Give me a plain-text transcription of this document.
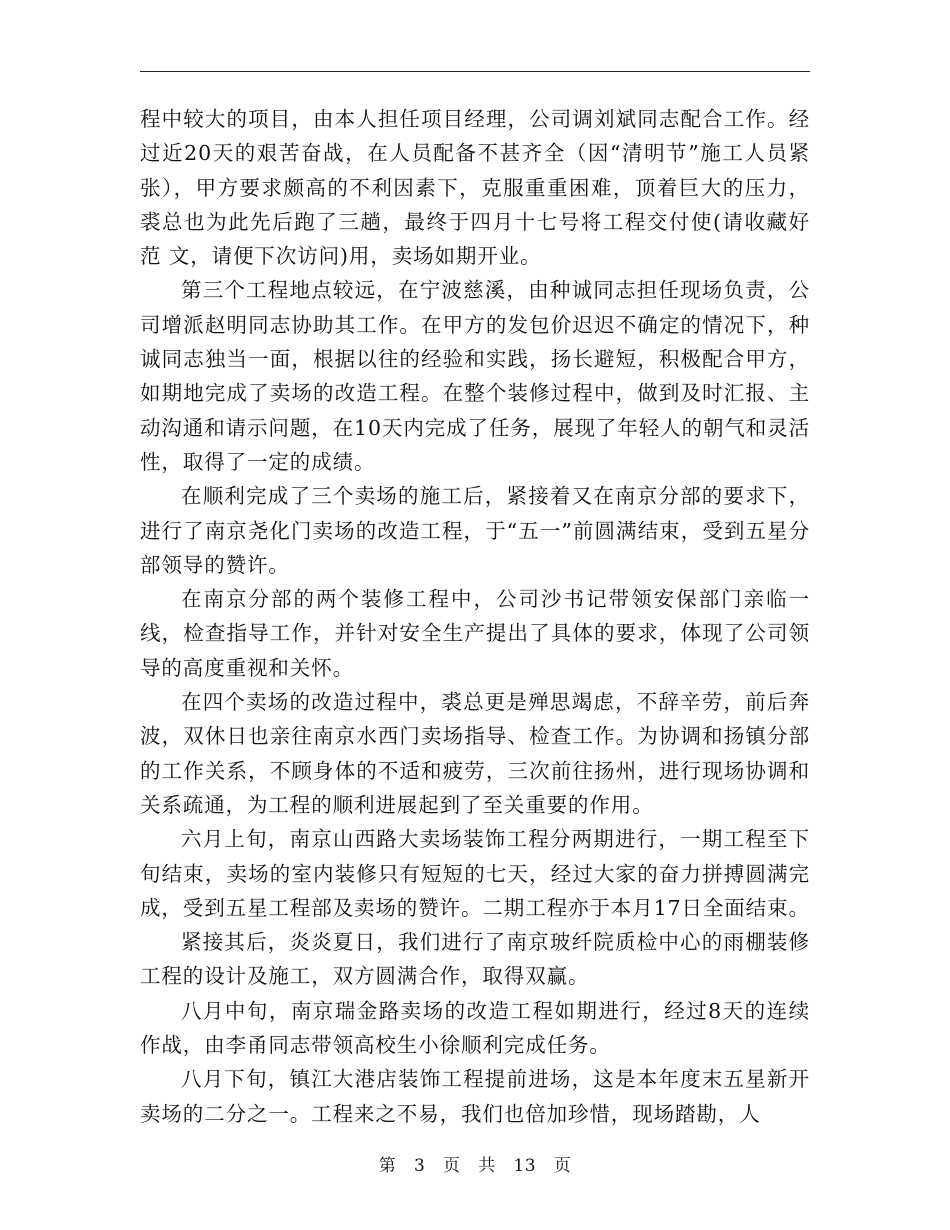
程中较大的项目，由本人担任项目经理，公司调刘斌同志配合工作。经过近20天的艰苦奋战，在人员配备不甚齐全（因“清明节”施工人员紧张），甲方要求颇高的不利因素下，克服重重困难，顶着巨大的压力，裘总也为此先后跑了三趟，最终于四月十七号将工程交付使(请收藏好 范 文，请便下次访问)用，卖场如期开业。

第三个工程地点较远，在宁波慈溪，由种诚同志担任现场负责，公司增派赵明同志协助其工作。在甲方的发包价迟迟不确定的情况下，种诚同志独当一面，根据以往的经验和实践，扬长避短，积极配合甲方，如期地完成了卖场的改造工程。在整个装修过程中，做到及时汇报、主动沟通和请示问题，在10天内完成了任务，展现了年轻人的朝气和灵活性，取得了一定的成绩。

在顺利完成了三个卖场的施工后，紧接着又在南京分部的要求下，进行了南京尧化门卖场的改造工程，于“五一”前圆满结束，受到五星分部领导的赞许。

在南京分部的两个装修工程中，公司沙书记带领安保部门亲临一线，检查指导工作，并针对安全生产提出了具体的要求，体现了公司领导的高度重视和关怀。

在四个卖场的改造过程中，裘总更是殚思竭虑，不辞辛劳，前后奔波，双休日也亲往南京水西门卖场指导、检查工作。为协调和扬镇分部的工作关系，不顾身体的不适和疲劳，三次前往扬州，进行现场协调和关系疏通，为工程的顺利进展起到了至关重要的作用。

六月上旬，南京山西路大卖场装饰工程分两期进行，一期工程至下旬结束，卖场的室内装修只有短短的七天，经过大家的奋力拼搏圆满完成，受到五星工程部及卖场的赞许。二期工程亦于本月17日全面结束。

紧接其后，炎炎夏日，我们进行了南京玻纤院质检中心的雨棚装修工程的设计及施工，双方圆满合作，取得双赢。

八月中旬，南京瑞金路卖场的改造工程如期进行，经过8天的连续作战，由李甬同志带领高校生小徐顺利完成任务。

八月下旬，镇江大港店装饰工程提前进场，这是本年度末五星新开卖场的二分之一。工程来之不易，我们也倍加珍惜，现场踏勘，人

第 3 页 共 13 页
